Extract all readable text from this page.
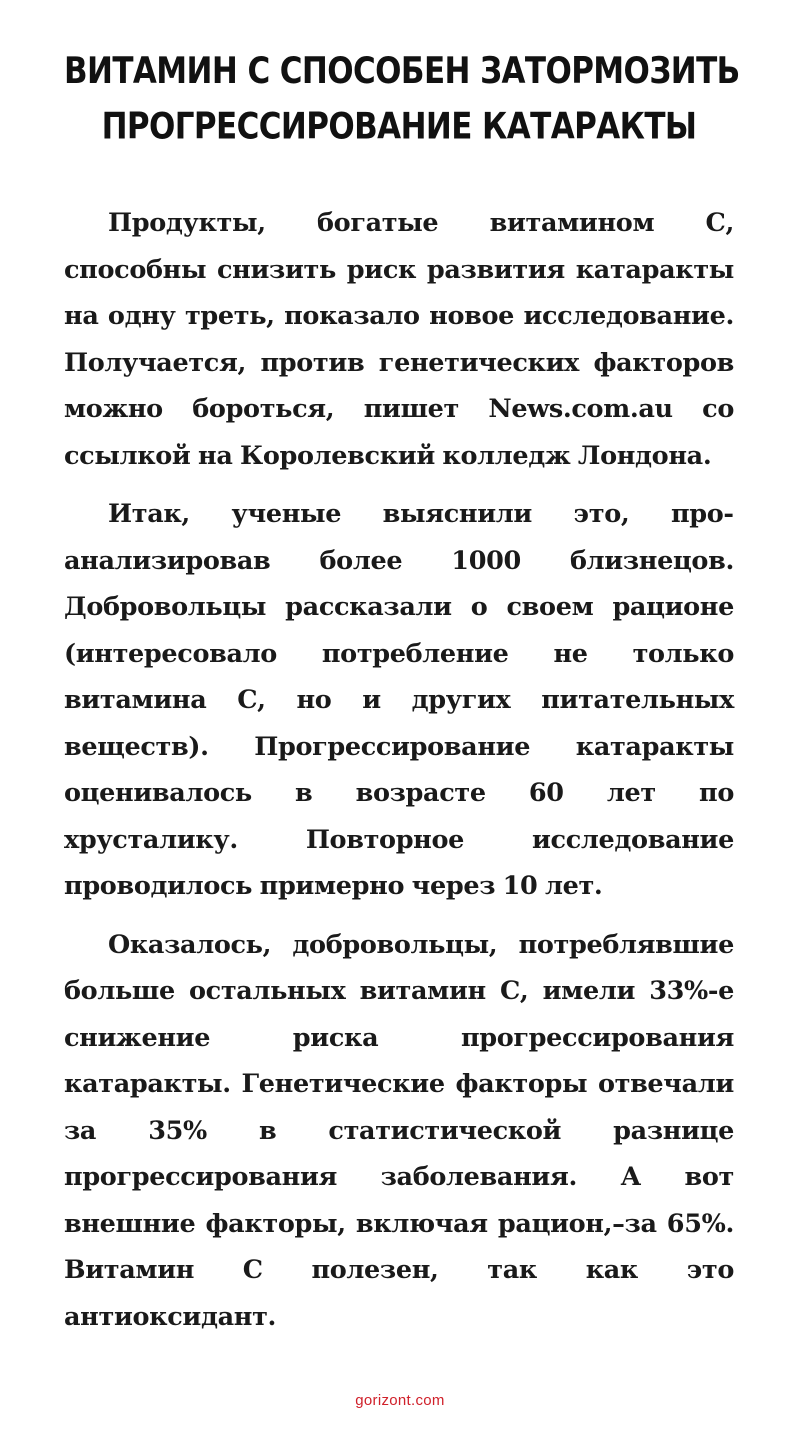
ВИТАМИН С СПОСОБЕН ЗАТОРМОЗИТЬ
ПРОГРЕССИРОВАНИЕ КАТАРАКТЫ

Продукты, богатые витамином С, способны снизить риск развития катаракты на одну треть, показало новое исследование. Получается, против генетических факторов можно бороться, пишет News.com.au со ссылкой на Королевский колледж Лондона.

Итак, ученые выяснили это, проанализировав более 1000 близнецов. Добровольцы рассказали о своем рационе (интересовало потребление не только витамина С, но и других питательных веществ). Прогрессирование катаракты оценивалось в возрасте 60 лет по хрусталику. Повторное исследование проводилось примерно через 10 лет.

Оказалось, добровольцы, потреблявшие больше остальных витамин С, имели 33%-е снижение риска прогрессирования катаракты. Генетические факторы отвечали за 35% в статистической разнице прогрессирования заболевания. А вот внешние факторы, включая рацион,–за 65%. Витамин С полезен, так как это антиоксидант.

gorizont.com
